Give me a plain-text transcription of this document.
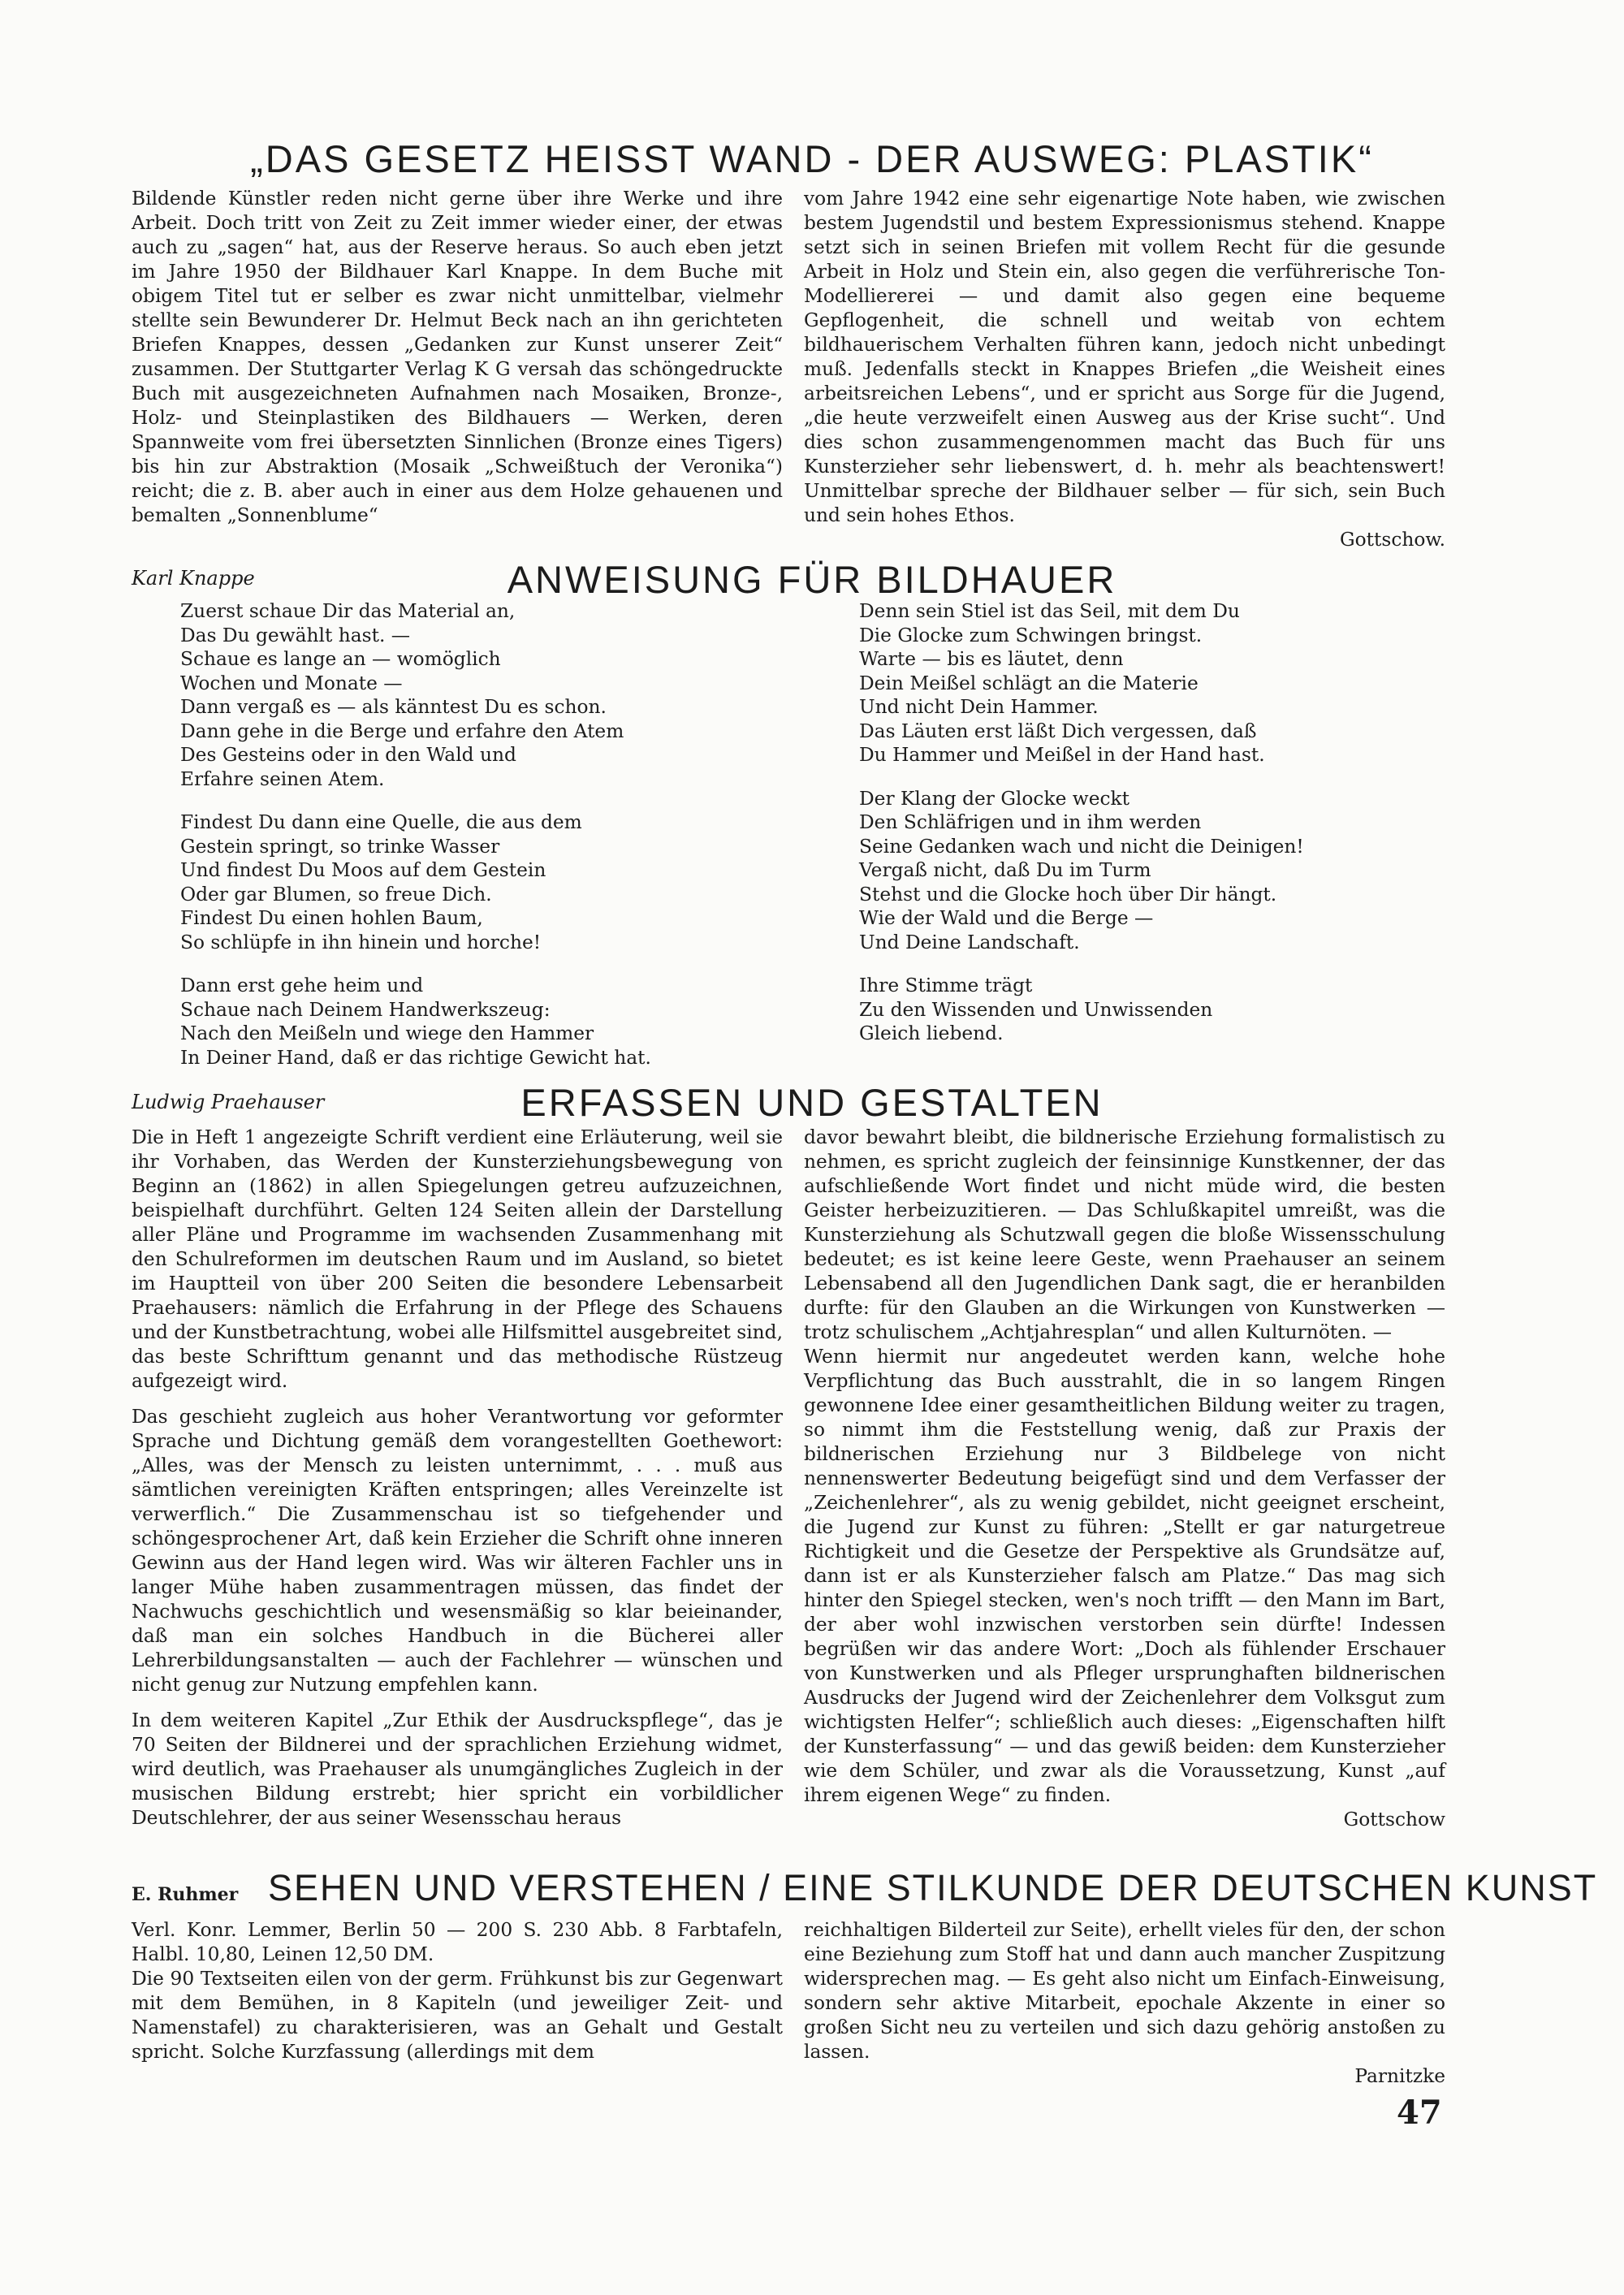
„DAS GESETZ HEISST WAND - DER AUSWEG: PLASTIK“

Bildende Künstler reden nicht gerne über ihre Werke und ihre Arbeit. Doch tritt von Zeit zu Zeit immer wieder einer, der etwas auch zu „sagen“ hat, aus der Reserve heraus. So auch eben jetzt im Jahre 1950 der Bildhauer Karl Knappe. In dem Buche mit obigem Titel tut er selber es zwar nicht unmittelbar, vielmehr stellte sein Bewunderer Dr. Helmut Beck nach an ihn gerichteten Briefen Knappes, dessen „Gedanken zur Kunst unserer Zeit“ zusammen. Der Stuttgarter Verlag K G versah das schöngedruckte Buch mit ausgezeichneten Aufnahmen nach Mosaiken, Bronze-, Holz- und Steinplastiken des Bildhauers — Werken, deren Spannweite vom frei übersetzten Sinnlichen (Bronze eines Tigers) bis hin zur Abstraktion (Mosaik „Schweißtuch der Veronika“) reicht; die z. B. aber auch in einer aus dem Holze gehauenen und bemalten „Sonnenblume“

vom Jahre 1942 eine sehr eigenartige Note haben, wie zwischen bestem Jugendstil und bestem Expressionismus stehend. Knappe setzt sich in seinen Briefen mit vollem Recht für die gesunde Arbeit in Holz und Stein ein, also gegen die verführerische Ton-Modelliererei — und damit also gegen eine bequeme Gepflogenheit, die schnell und weitab von echtem bildhauerischem Verhalten führen kann, jedoch nicht unbedingt muß. Jedenfalls steckt in Knappes Briefen „die Weisheit eines arbeitsreichen Lebens“, und er spricht aus Sorge für die Jugend, „die heute verzweifelt einen Ausweg aus der Krise sucht“. Und dies schon zusammengenommen macht das Buch für uns Kunsterzieher sehr liebenswert, d. h. mehr als beachtenswert! Unmittelbar spreche der Bildhauer selber — für sich, sein Buch und sein hohes Ethos.

Gottschow.

Karl Knappe	ANWEISUNG FÜR BILDHAUER
Zuerst schaue Dir das Material an,
Das Du gewählt hast. —
Schaue es lange an — womöglich
Wochen und Monate —
Dann vergaß es — als känntest Du es schon.
Dann gehe in die Berge und erfahre den Atem
Des Gesteins oder in den Wald und
Erfahre seinen Atem.
Findest Du dann eine Quelle, die aus dem
Gestein springt, so trinke Wasser
Und findest Du Moos auf dem Gestein
Oder gar Blumen, so freue Dich.
Findest Du einen hohlen Baum,
So schlüpfe in ihn hinein und horche!
Dann erst gehe heim und
Schaue nach Deinem Handwerkszeug:
Nach den Meißeln und wiege den Hammer
In Deiner Hand, daß er das richtige Gewicht hat.
Denn sein Stiel ist das Seil, mit dem Du
Die Glocke zum Schwingen bringst.
Warte — bis es läutet, denn
Dein Meißel schlägt an die Materie
Und nicht Dein Hammer.
Das Läuten erst läßt Dich vergessen, daß
Du Hammer und Meißel in der Hand hast.
Der Klang der Glocke weckt
Den Schläfrigen und in ihm werden
Seine Gedanken wach und nicht die Deinigen!
Vergaß nicht, daß Du im Turm
Stehst und die Glocke hoch über Dir hängt.
Wie der Wald und die Berge —
Und Deine Landschaft.
Ihre Stimme trägt
Zu den Wissenden und Unwissenden
Gleich liebend.
Ludwig Praehauser	ERFASSEN UND GESTALTEN

Die in Heft 1 angezeigte Schrift verdient eine Erläuterung, weil sie ihr Vorhaben, das Werden der Kunsterziehungsbewegung von Beginn an (1862) in allen Spiegelungen getreu aufzuzeichnen, beispielhaft durchführt. Gelten 124 Seiten allein der Darstellung aller Pläne und Programme im wachsenden Zusammenhang mit den Schulreformen im deutschen Raum und im Ausland, so bietet im Hauptteil von über 200 Seiten die besondere Lebensarbeit Praehausers: nämlich die Erfahrung in der Pflege des Schauens und der Kunstbetrachtung, wobei alle Hilfsmittel ausgebreitet sind, das beste Schrifttum genannt und das methodische Rüstzeug aufgezeigt wird.

Das geschieht zugleich aus hoher Verantwortung vor geformter Sprache und Dichtung gemäß dem vorangestellten Goethewort: „Alles, was der Mensch zu leisten unternimmt, . . . muß aus sämtlichen vereinigten Kräften entspringen; alles Vereinzelte ist verwerflich.“ Die Zusammenschau ist so tiefgehender und schöngesprochener Art, daß kein Erzieher die Schrift ohne inneren Gewinn aus der Hand legen wird. Was wir älteren Fachler uns in langer Mühe haben zusammentragen müssen, das findet der Nachwuchs geschichtlich und wesensmäßig so klar beieinander, daß man ein solches Handbuch in die Bücherei aller Lehrerbildungsanstalten — auch der Fachlehrer — wünschen und nicht genug zur Nutzung empfehlen kann.

In dem weiteren Kapitel „Zur Ethik der Ausdruckspflege“, das je 70 Seiten der Bildnerei und der sprachlichen Erziehung widmet, wird deutlich, was Praehauser als unumgängliches Zugleich in der musischen Bildung erstrebt; hier spricht ein vorbildlicher Deutschlehrer, der aus seiner Wesensschau heraus

davor bewahrt bleibt, die bildnerische Erziehung formalistisch zu nehmen, es spricht zugleich der feinsinnige Kunstkenner, der das aufschließende Wort findet und nicht müde wird, die besten Geister herbeizuzitieren. — Das Schlußkapitel umreißt, was die Kunsterziehung als Schutzwall gegen die bloße Wissensschulung bedeutet; es ist keine leere Geste, wenn Praehauser an seinem Lebensabend all den Jugendlichen Dank sagt, die er heranbilden durfte: für den Glauben an die Wirkungen von Kunstwerken — trotz schulischem „Achtjahresplan“ und allen Kulturnöten. —

Wenn hiermit nur angedeutet werden kann, welche hohe Verpflichtung das Buch ausstrahlt, die in so langem Ringen gewonnene Idee einer gesamtheitlichen Bildung weiter zu tragen, so nimmt ihm die Feststellung wenig, daß zur Praxis der bildnerischen Erziehung nur 3 Bildbelege von nicht nennenswerter Bedeutung beigefügt sind und dem Verfasser der „Zeichenlehrer“, als zu wenig gebildet, nicht geeignet erscheint, die Jugend zur Kunst zu führen: „Stellt er gar naturgetreue Richtigkeit und die Gesetze der Perspektive als Grundsätze auf, dann ist er als Kunsterzieher falsch am Platze.“ Das mag sich hinter den Spiegel stecken, wen's noch trifft — den Mann im Bart, der aber wohl inzwischen verstorben sein dürfte! Indessen begrüßen wir das andere Wort: „Doch als fühlender Erschauer von Kunstwerken und als Pfleger ursprunghaften bildnerischen Ausdrucks der Jugend wird der Zeichenlehrer dem Volksgut zum wichtigsten Helfer“; schließlich auch dieses: „Eigenschaften hilft der Kunsterfassung“ — und das gewiß beiden: dem Kunsterzieher wie dem Schüler, und zwar als die Voraussetzung, Kunst „auf ihrem eigenen Wege“ zu finden.

Gottschow

E. Ruhmer SEHEN UND VERSTEHEN / EINE STILKUNDE DER DEUTSCHEN KUNST

Verl. Konr. Lemmer, Berlin 50 — 200 S. 230 Abb. 8 Farbtafeln, Halbl. 10,80, Leinen 12,50 DM.

Die 90 Textseiten eilen von der germ. Frühkunst bis zur Gegenwart mit dem Bemühen, in 8 Kapiteln (und jeweiliger Zeit- und Namenstafel) zu charakterisieren, was an Gehalt und Gestalt spricht. Solche Kurzfassung (allerdings mit dem

reichhaltigen Bilderteil zur Seite), erhellt vieles für den, der schon eine Beziehung zum Stoff hat und dann auch mancher Zuspitzung widersprechen mag. — Es geht also nicht um Einfach-Einweisung, sondern sehr aktive Mitarbeit, epochale Akzente in einer so großen Sicht neu zu verteilen und sich dazu gehörig anstoßen zu lassen.

Parnitzke

47
